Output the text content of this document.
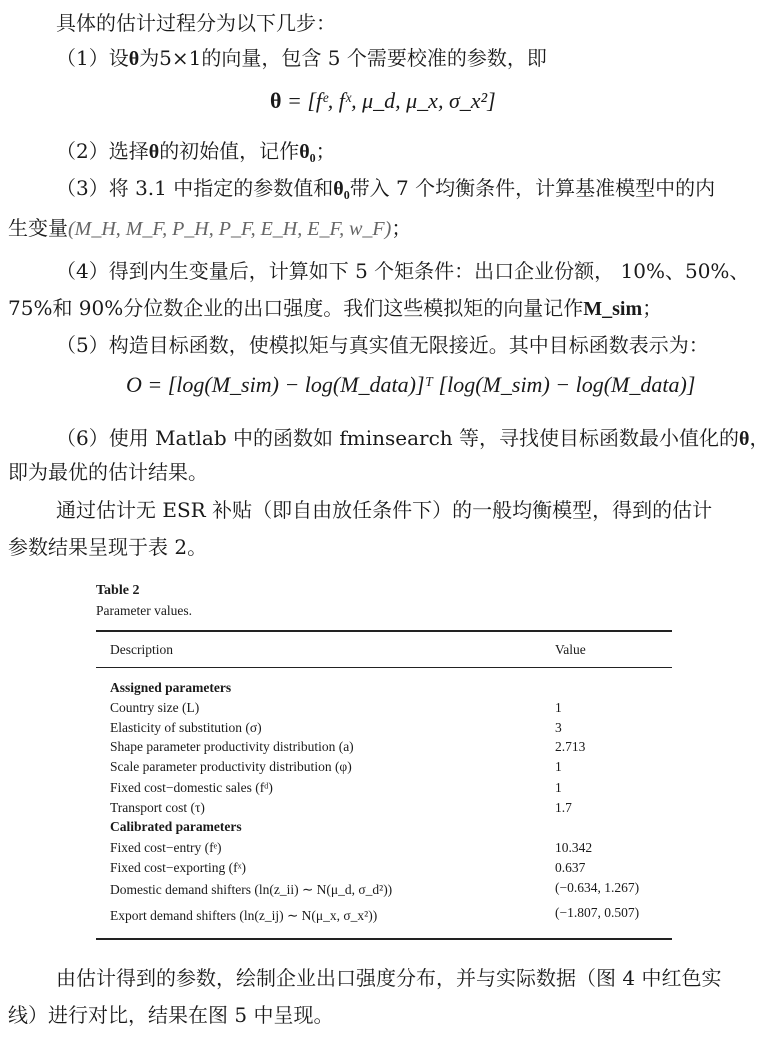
具体的估计过程分为以下几步：
（1）设θ为5×1的向量，包含 5 个需要校准的参数，即
θ = [fᵉ, fˣ, μ_d, μ_x, σ_x²]
（2）选择θ的初始值，记作θ₀；
（3）将 3.1 中指定的参数值和θ₀带入 7 个均衡条件，计算基准模型中的内
生变量(M_H, M_F, P_H, P_F, E_H, E_F, w_F)；
（4）得到内生变量后，计算如下 5 个矩条件：出口企业份额， 10%、50%、
75%和 90%分位数企业的出口强度。我们这些模拟矩的向量记作M_sim；
（5）构造目标函数，使模拟矩与真实值无限接近。其中目标函数表示为：
O = [log(M_sim) − log(M_data)]ᵀ [log(M_sim) − log(M_data)]
（6）使用 Matlab 中的函数如 fminsearch 等，寻找使目标函数最小值化的θ，
即为最优的估计结果。
通过估计无 ESR 补贴（即自由放任条件下）的一般均衡模型，得到的估计
参数结果呈现于表 2。
Table 2
Parameter values.
Description	Value
Assigned parameters
Country size (L)	1
Elasticity of substitution (σ)	3
Shape parameter productivity distribution (a)	2.713
Scale parameter productivity distribution (φ)	1
Fixed cost−domestic sales (fᵈ)	1
Transport cost (τ)	1.7
Calibrated parameters
Fixed cost−entry (fᵉ)	10.342
Fixed cost−exporting (fˣ)	0.637
Domestic demand shifters (ln(z_ii) ∼ N(μ_d, σ_d²))	(−0.634, 1.267)
Export demand shifters (ln(z_ij) ∼ N(μ_x, σ_x²))	(−1.807, 0.507)
由估计得到的参数，绘制企业出口强度分布，并与实际数据（图 4 中红色实
线）进行对比，结果在图 5 中呈现。
